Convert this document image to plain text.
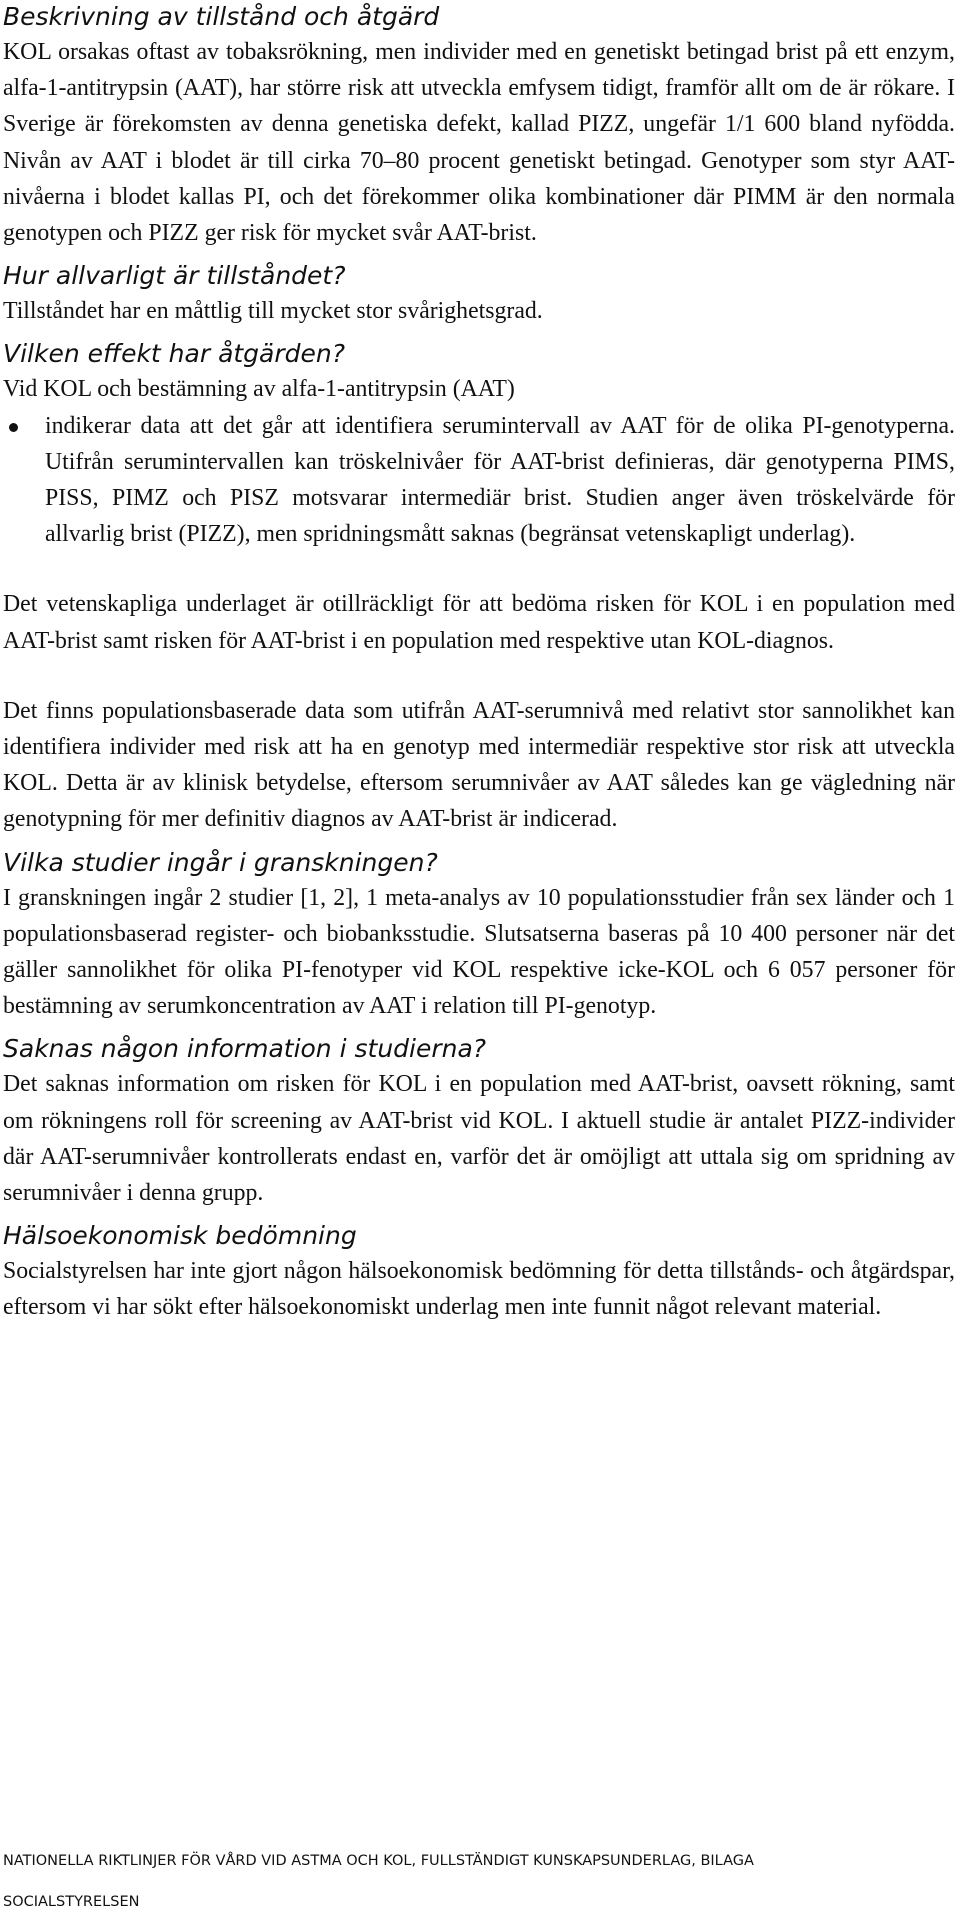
Beskrivning av tillstånd och åtgärd

KOL orsakas oftast av tobaksrökning, men individer med en genetiskt betingad brist på ett enzym, alfa-1-antitrypsin (AAT), har större risk att utveckla emfysem tidigt, framför allt om de är rökare. I Sverige är förekomsten av denna genetiska defekt, kallad PIZZ, ungefär 1/1 600 bland nyfödda. Nivån av AAT i blodet är till cirka 70–80 procent genetiskt betingad. Genotyper som styr AAT-nivåerna i blodet kallas PI, och det förekommer olika kombinationer där PIMM är den normala genotypen och PIZZ ger risk för mycket svår AAT-brist.

Hur allvarligt är tillståndet?

Tillståndet har en måttlig till mycket stor svårighetsgrad.

Vilken effekt har åtgärden?

Vid KOL och bestämning av alfa-1-antitrypsin (AAT)

indikerar data att det går att identifiera serumintervall av AAT för de olika PI-genotyperna. Utifrån serumintervallen kan tröskelnivåer för AAT-brist definieras, där genotyperna PIMS, PISS, PIMZ och PISZ motsvarar intermediär brist. Studien anger även tröskelvärde för allvarlig brist (PIZZ), men spridningsmått saknas (begränsat vetenskapligt underlag).

Det vetenskapliga underlaget är otillräckligt för att bedöma risken för KOL i en population med AAT-brist samt risken för AAT-brist i en population med respektive utan KOL-diagnos.

Det finns populationsbaserade data som utifrån AAT-serumnivå med relativt stor sannolikhet kan identifiera individer med risk att ha en genotyp med intermediär respektive stor risk att utveckla KOL. Detta är av klinisk betydelse, eftersom serumnivåer av AAT således kan ge vägledning när genotypning för mer definitiv diagnos av AAT-brist är indicerad.

Vilka studier ingår i granskningen?

I granskningen ingår 2 studier [1, 2], 1 meta-analys av 10 populationsstudier från sex länder och 1 populationsbaserad register- och biobanksstudie. Slutsatserna baseras på 10 400 personer när det gäller sannolikhet för olika PI-fenotyper vid KOL respektive icke-KOL och 6 057 personer för bestämning av serumkoncentration av AAT i relation till PI-genotyp.

Saknas någon information i studierna?

Det saknas information om risken för KOL i en population med AAT-brist, oavsett rökning, samt om rökningens roll för screening av AAT-brist vid KOL. I aktuell studie är antalet PIZZ-individer där AAT-serumnivåer kontrollerats endast en, varför det är omöjligt att uttala sig om spridning av serumnivåer i denna grupp.

Hälsoekonomisk bedömning

Socialstyrelsen har inte gjort någon hälsoekonomisk bedömning för detta tillstånds- och åtgärdspar, eftersom vi har sökt efter hälsoekonomiskt underlag men inte funnit något relevant material.

NATIONELLA RIKTLINJER FÖR VÅRD VID ASTMA OCH KOL, FULLSTÄNDIGT KUNSKAPSUNDERLAG, BILAGA
SOCIALSTYRELSEN
